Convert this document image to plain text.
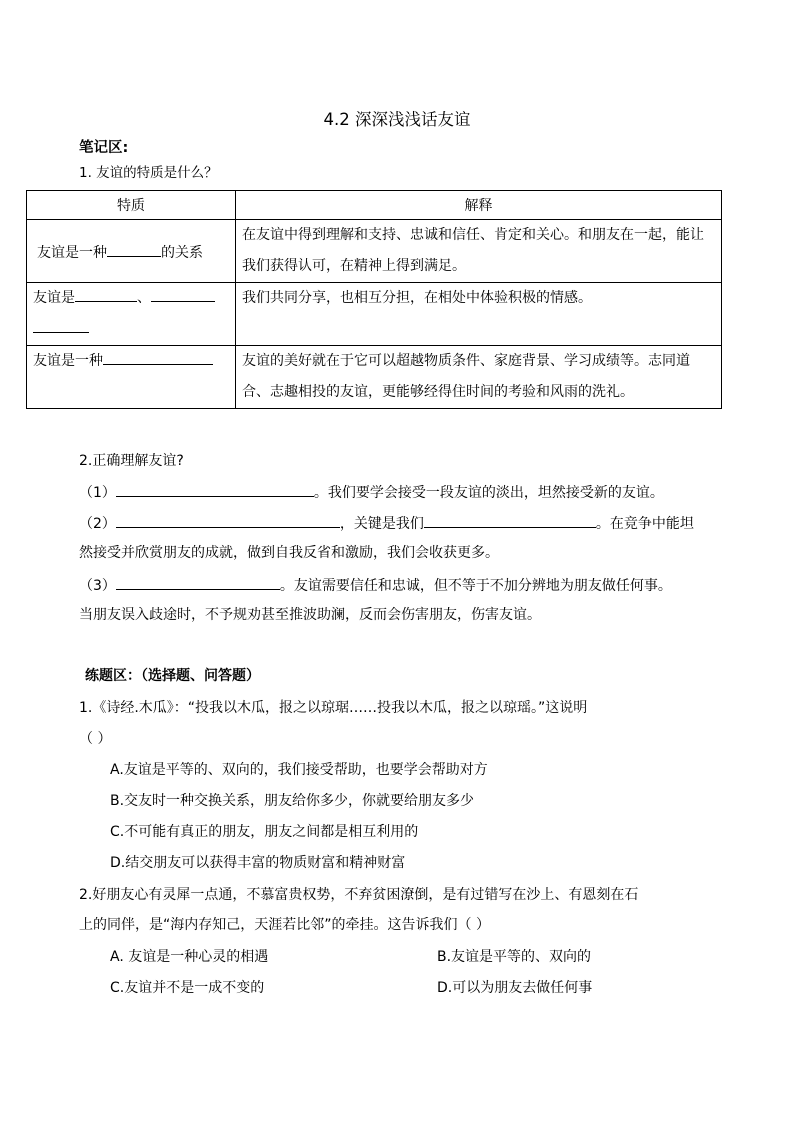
4.2 深深浅浅话友谊
笔记区:
1. 友谊的特质是什么？
特质	解释
友谊是一种 的关系	在友谊中得到理解和支持、忠诚和信任、肯定和关心。和朋友在一起，能让我们获得认可，在精神上得到满足。
友谊是 、	我们共同分享，也相互分担，在相处中体验积极的情感。
友谊是一种	友谊的美好就在于它可以超越物质条件、家庭背景、学习成绩等。志同道合、志趣相投的友谊，更能够经得住时间的考验和风雨的洗礼。
2.正确理解友谊?
（1）	。我们要学会接受一段友谊的淡出，坦然接受新的友谊。
（2）	，关键是我们	。在竞争中能坦
然接受并欣赏朋友的成就，做到自我反省和激励，我们会收获更多。
（3）	。友谊需要信任和忠诚，但不等于不加分辨地为朋友做任何事。
当朋友误入歧途时，不予规劝甚至推波助澜，反而会伤害朋友，伤害友谊。
练题区：（选择题、问答题）
1.《诗经.木瓜》：“投我以木瓜，报之以琼琚……投我以木瓜，报之以琼瑶。”这说明
（ ）
A.友谊是平等的、双向的，我们接受帮助，也要学会帮助对方
B.交友时一种交换关系，朋友给你多少，你就要给朋友多少
C.不可能有真正的朋友，朋友之间都是相互利用的
D.结交朋友可以获得丰富的物质财富和精神财富
2.好朋友心有灵犀一点通，不慕富贵权势，不弃贫困潦倒，是有过错写在沙上、有恩刻在石
上的同伴，是“海内存知己，天涯若比邻”的牵挂。这告诉我们（ ）
A. 友谊是一种心灵的相遇	B.友谊是平等的、双向的
C.友谊并不是一成不变的	D.可以为朋友去做任何事
